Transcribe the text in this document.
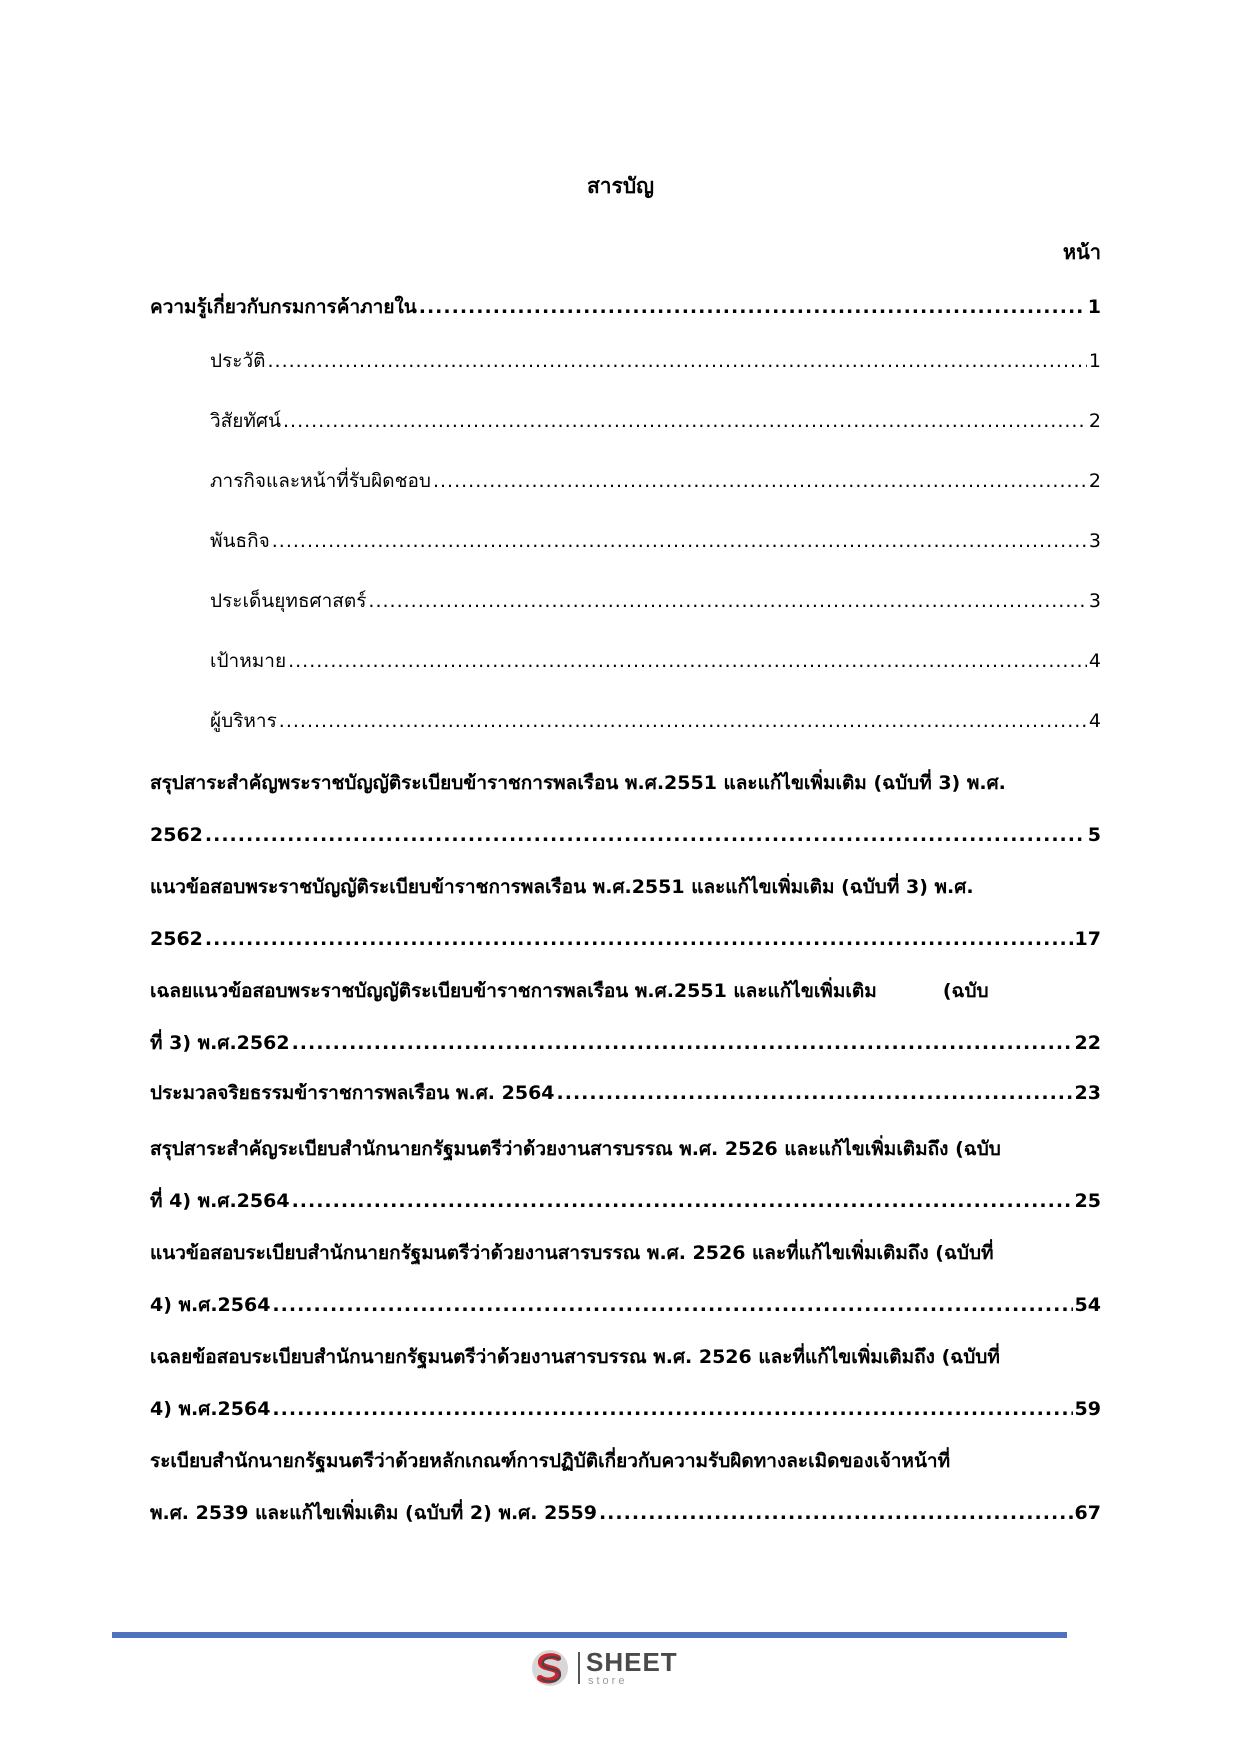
สารบัญ
หน้า
ความรู้เกี่ยวกับกรมการค้าภายใน .....	1
ประวัติ .....	1
วิสัยทัศน์ .....	2
ภารกิจและหน้าที่รับผิดชอบ .....	2
พันธกิจ .....	3
ประเด็นยุทธศาสตร์ .....	3
เป้าหมาย .....	4
ผู้บริหาร .....	4
สรุปสาระสำคัญพระราชบัญญัติระเบียบข้าราชการพลเรือน พ.ศ.2551 และแก้ไขเพิ่มเติม (ฉบับที่ 3) พ.ศ.
2562 .....	5
แนวข้อสอบพระราชบัญญัติระเบียบข้าราชการพลเรือน พ.ศ.2551 และแก้ไขเพิ่มเติม (ฉบับที่ 3) พ.ศ.
2562 .....	17
เฉลยแนวข้อสอบพระราชบัญญัติระเบียบข้าราชการพลเรือน พ.ศ.2551 และแก้ไขเพิ่มเติม          (ฉบับ
ที่ 3) พ.ศ.2562 .....	22
ประมวลจริยธรรมข้าราชการพลเรือน พ.ศ. 2564 .....	23
สรุปสาระสำคัญระเบียบสำนักนายกรัฐมนตรีว่าด้วยงานสารบรรณ พ.ศ. 2526 และแก้ไขเพิ่มเติมถึง (ฉบับ
ที่ 4) พ.ศ.2564 .....	25
แนวข้อสอบระเบียบสำนักนายกรัฐมนตรีว่าด้วยงานสารบรรณ พ.ศ. 2526 และที่แก้ไขเพิ่มเติมถึง (ฉบับที่
4) พ.ศ.2564 .....	54
เฉลยข้อสอบระเบียบสำนักนายกรัฐมนตรีว่าด้วยงานสารบรรณ พ.ศ. 2526 และที่แก้ไขเพิ่มเติมถึง (ฉบับที่
4) พ.ศ.2564 .....	59
ระเบียบสำนักนายกรัฐมนตรีว่าด้วยหลักเกณฑ์การปฏิบัติเกี่ยวกับความรับผิดทางละเมิดของเจ้าหน้าที่
พ.ศ. 2539 และแก้ไขเพิ่มเติม (ฉบับที่ 2) พ.ศ. 2559 .....	67
SHEET
store
